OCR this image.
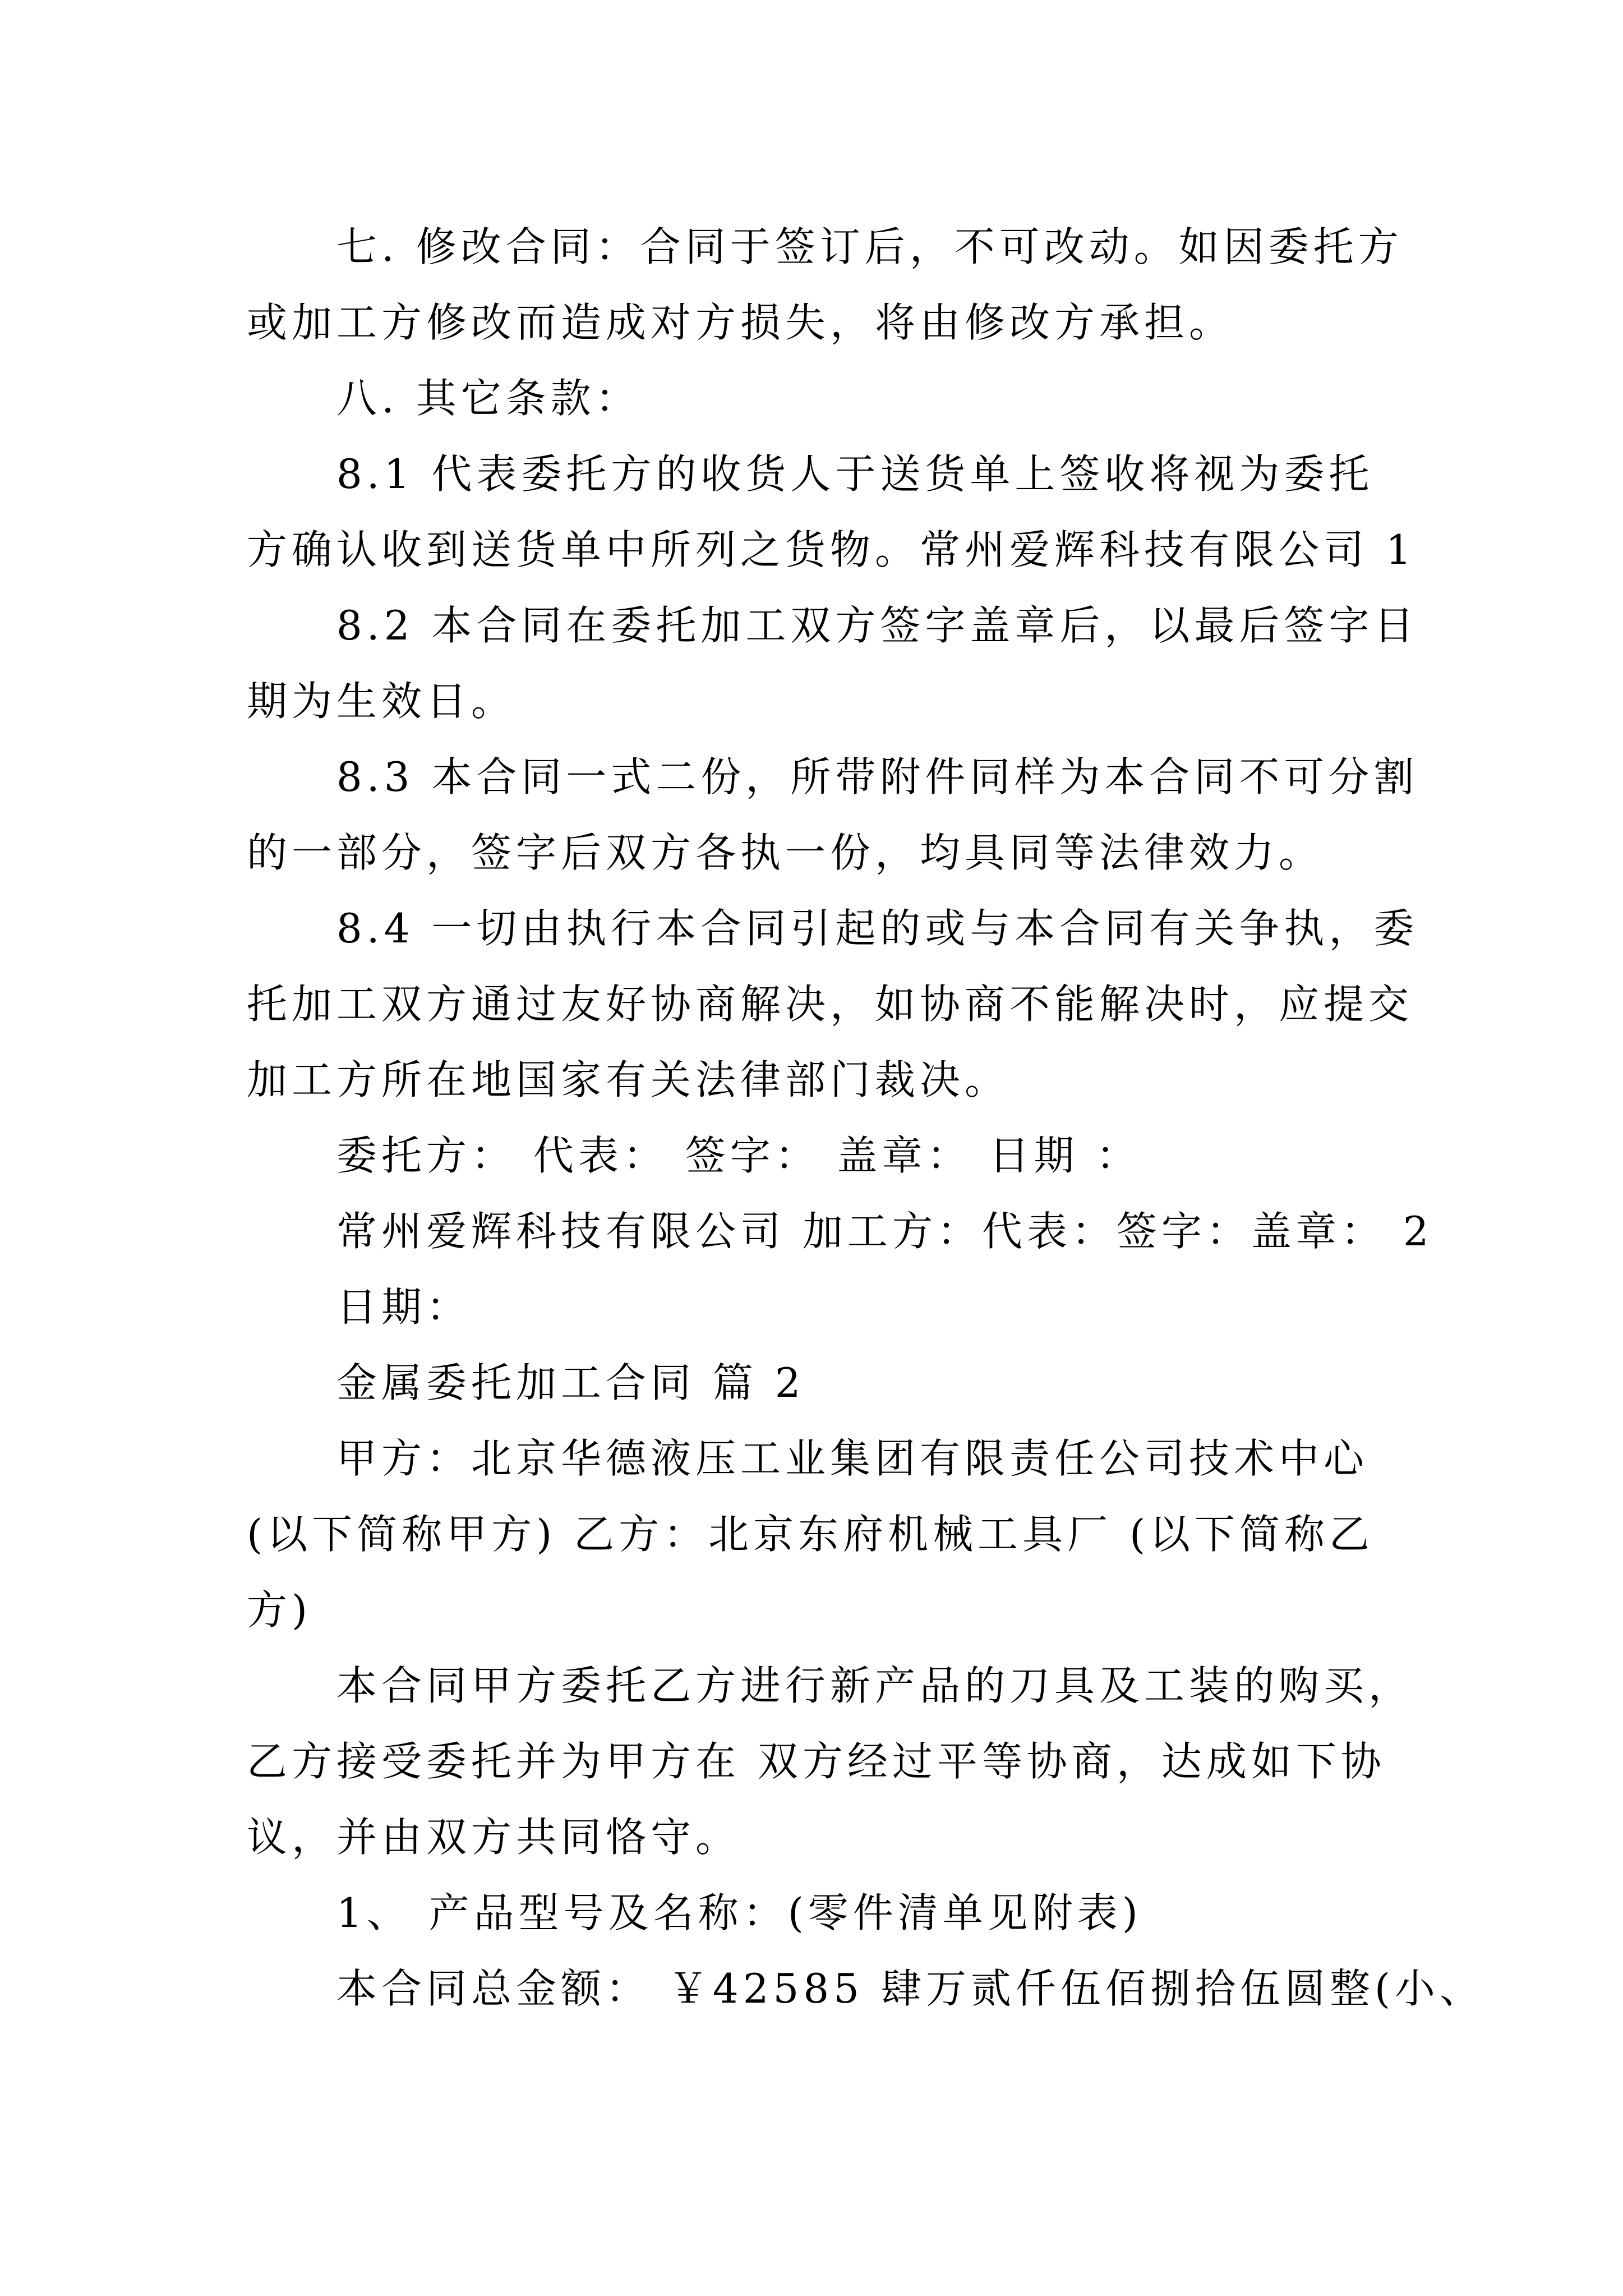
七. 修改合同：合同于签订后，不可改动。如因委托方
或加工方修改而造成对方损失，将由修改方承担。
八. 其它条款：
8.1 代表委托方的收货人于送货单上签收将视为委托
方确认收到送货单中所列之货物。常州爱辉科技有限公司 1
8.2 本合同在委托加工双方签字盖章后，以最后签字日
期为生效日。
8.3 本合同一式二份，所带附件同样为本合同不可分割
的一部分，签字后双方各执一份，均具同等法律效力。
8.4 一切由执行本合同引起的或与本合同有关争执，委
托加工双方通过友好协商解决，如协商不能解决时，应提交
加工方所在地国家有关法律部门裁决。
委托方： 代表： 签字： 盖章： 日期 ：
常州爱辉科技有限公司 加工方：代表：签字：盖章： 2
日期：
金属委托加工合同 篇 2
甲方：北京华德液压工业集团有限责任公司技术中心
(以下简称甲方) 乙方：北京东府机械工具厂 (以下简称乙
方)
本合同甲方委托乙方进行新产品的刀具及工装的购买，
乙方接受委托并为甲方在 双方经过平等协商，达成如下协
议，并由双方共同恪守。
1、 产品型号及名称：(零件清单见附表)
本合同总金额： ￥42585 肆万贰仟伍佰捌拾伍圆整(小、
